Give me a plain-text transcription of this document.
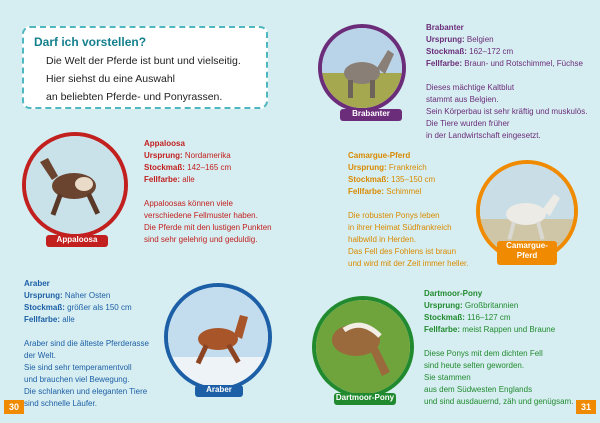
Darf ich vorstellen?
Die Welt der Pferde ist bunt und vielseitig.
Hier siehst du eine Auswahl
an beliebten Pferde- und Ponyrassen.
Brabanter
Brabanter
Ursprung: Belgien
Stockmaß: 162–172 cm
Fellfarbe: Braun- und Rotschimmel, Füchse
Dieses mächtige Kaltblut
stammt aus Belgien.
Sein Körperbau ist sehr kräftig und muskulös.
Die Tiere wurden früher
in der Landwirtschaft eingesetzt.
Appaloosa
Appaloosa
Ursprung: Nordamerika
Stockmaß: 142–165 cm
Fellfarbe: alle
Appaloosas können viele
verschiedene Fellmuster haben.
Die Pferde mit den lustigen Punkten
sind sehr gelehrig und geduldig.
Camargue-Pferd
Ursprung: Frankreich
Stockmaß: 135–150 cm
Fellfarbe: Schimmel
Die robusten Ponys leben
in ihrer Heimat Südfrankreich
halbwild in Herden.
Das Fell des Fohlens ist braun
und wird mit der Zeit immer heller.
Camargue-
Pferd
Araber
Ursprung: Naher Osten
Stockmaß: größer als 150 cm
Fellfarbe: alle
Araber sind die älteste Pferderasse
der Welt.
Sie sind sehr temperamentvoll
und brauchen viel Bewegung.
Die schlanken und eleganten Tiere
sind schnelle Läufer.
Araber
Dartmoor-Pony
Dartmoor-Pony
Ursprung: Großbritannien
Stockmaß: 116–127 cm
Fellfarbe: meist Rappen und Braune
Diese Ponys mit dem dichten Fell
sind heute selten geworden.
Sie stammen
aus dem Südwesten Englands
und sind ausdauernd, zäh und genügsam.
30	31
